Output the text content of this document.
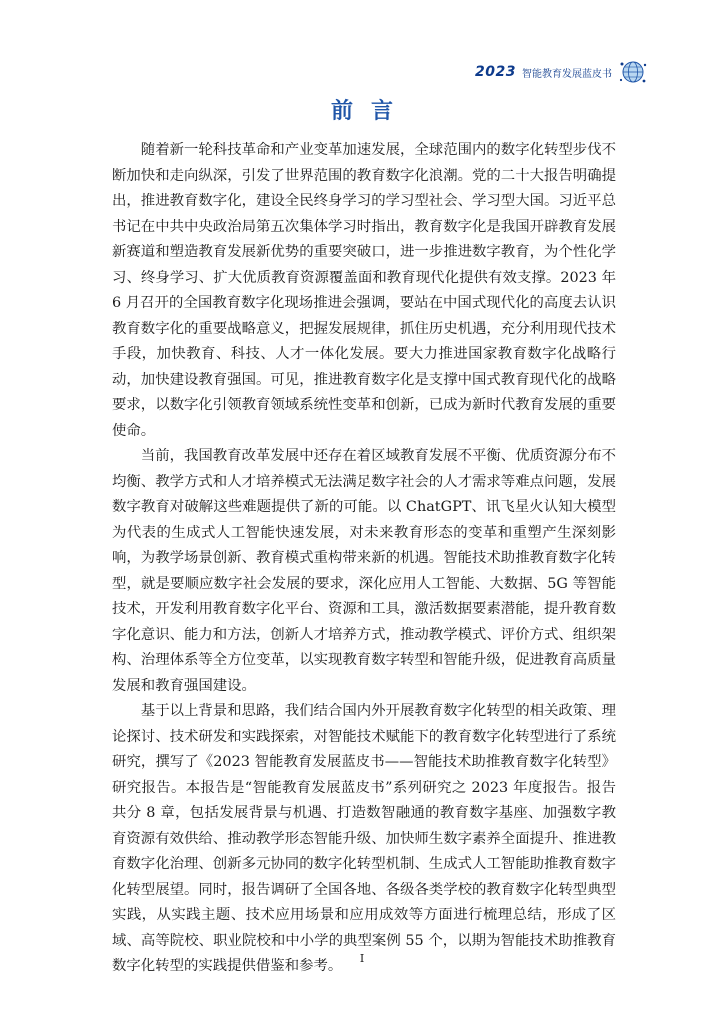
2023 智能教育发展蓝皮书
前言

随着新一轮科技革命和产业变革加速发展，全球范围内的数字化转型步伐不断加快和走向纵深，引发了世界范围的教育数字化浪潮。党的二十大报告明确提出，推进教育数字化，建设全民终身学习的学习型社会、学习型大国。习近平总书记在中共中央政治局第五次集体学习时指出，教育数字化是我国开辟教育发展新赛道和塑造教育发展新优势的重要突破口，进一步推进数字教育，为个性化学习、终身学习、扩大优质教育资源覆盖面和教育现代化提供有效支撑。2023 年 6 月召开的全国教育数字化现场推进会强调，要站在中国式现代化的高度去认识教育数字化的重要战略意义，把握发展规律，抓住历史机遇，充分利用现代技术手段，加快教育、科技、人才一体化发展。要大力推进国家教育数字化战略行动，加快建设教育强国。可见，推进教育数字化是支撑中国式教育现代化的战略要求，以数字化引领教育领域系统性变革和创新，已成为新时代教育发展的重要使命。

当前，我国教育改革发展中还存在着区域教育发展不平衡、优质资源分布不均衡、教学方式和人才培养模式无法满足数字社会的人才需求等难点问题，发展数字教育对破解这些难题提供了新的可能。以 ChatGPT、讯飞星火认知大模型为代表的生成式人工智能快速发展，对未来教育形态的变革和重塑产生深刻影响，为教学场景创新、教育模式重构带来新的机遇。智能技术助推教育数字化转型，就是要顺应数字社会发展的要求，深化应用人工智能、大数据、5G 等智能技术，开发利用教育数字化平台、资源和工具，激活数据要素潜能，提升教育数字化意识、能力和方法，创新人才培养方式，推动教学模式、评价方式、组织架构、治理体系等全方位变革，以实现教育数字转型和智能升级，促进教育高质量发展和教育强国建设。

基于以上背景和思路，我们结合国内外开展教育数字化转型的相关政策、理论探讨、技术研发和实践探索，对智能技术赋能下的教育数字化转型进行了系统研究，撰写了《2023 智能教育发展蓝皮书——智能技术助推教育数字化转型》研究报告。本报告是“智能教育发展蓝皮书”系列研究之 2023 年度报告。报告共分 8 章，包括发展背景与机遇、打造数智融通的教育数字基座、加强数字教育资源有效供给、推动教学形态智能升级、加快师生数字素养全面提升、推进教育数字化治理、创新多元协同的数字化转型机制、生成式人工智能助推教育数字化转型展望。同时，报告调研了全国各地、各级各类学校的教育数字化转型典型实践，从实践主题、技术应用场景和应用成效等方面进行梳理总结，形成了区域、高等院校、职业院校和中小学的典型案例 55 个，以期为智能技术助推教育数字化转型的实践提供借鉴和参考。	I
